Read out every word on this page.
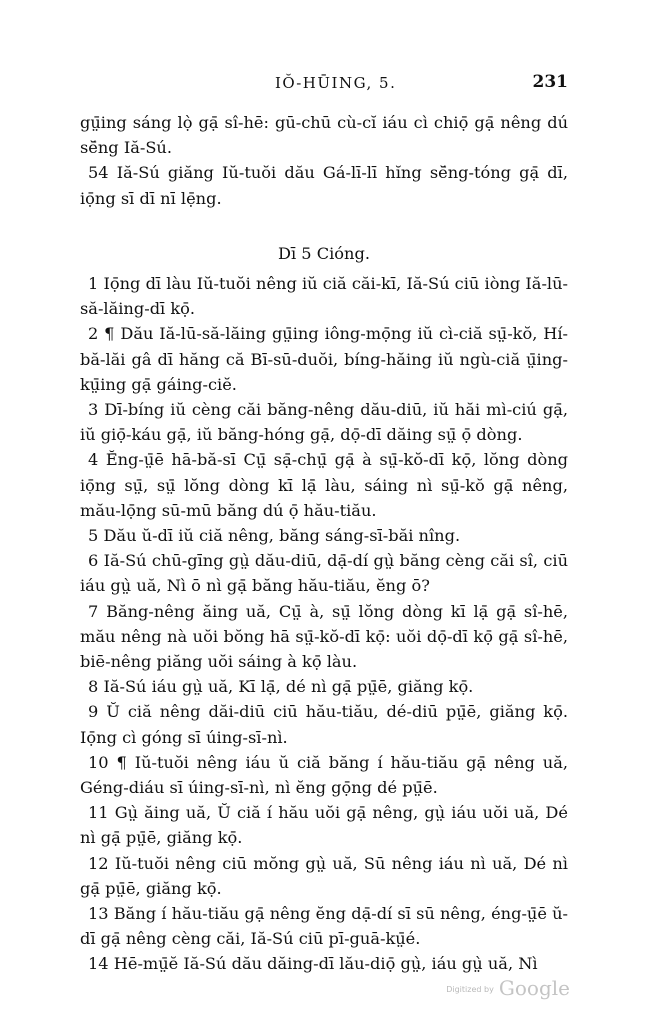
IŎ-HŪING, 5.	231

gṳ̄ing sáng lọ̀ gạ̄ sî-hē: gū-chū cù-cĭ iáu cì chiọ̄ gạ̄ nêng dú sĕ̄ng Iă-Sú.

54 Iă-Sú giăng Iŭ-tuŏi dău Gá-lī-lī hĭng sĕ̄ng-tóng gạ̄ dī, iọ̄ng sī dī nī lẹ̄ng.

Dī 5 Cióng.

1 Iọ̄ng dī làu Iŭ-tuŏi nêng iŭ ciă căi-kī, Iă-Sú ciū iòng Iă-lū-să-lăing-dī kọ̄.

2 ¶ Dău Iă-lū-să-lăing gṳ̄ing iông-mọ̄ng iŭ cì-ciă sṳ̄-kŏ, Hí-bă-lăi gâ dī hăng că Bī-sū-duŏi, bíng-hăing iŭ ngù-ciă ṳ̄ing-kṳ̄ing gạ̄ gáing-ciĕ.

3 Dī-bíng iŭ cèng căi băng-nêng dău-diū, iŭ hăi mì-ciú gạ̄, iŭ giọ̄-káu gạ̄, iŭ băng-hóng gạ̄, dọ̄-dī dăing sṳ̄ ọ̄ dòng.

4 Ĕ̄ng-ṳ̄ē hā-bă-sī Cṳ̄ sạ̄-chṳ̄ gạ̄ à sṳ̄-kŏ-dī kọ̄, lŏng dòng iọ̄ng sṳ̄, sṳ̄ lŏng dòng kī lạ̄ làu, sáing nì sṳ̄-kŏ gạ̄ nêng, mău-lọ̄ng sū-mū băng dú ọ̄ hău-tiău.

5 Dău ŭ-dī iŭ ciă nêng, băng sáng-sī-băi nîng.

6 Iă-Sú chū-gīng gṳ̀ dău-diū, dạ̄-dí gṳ̀ băng cèng căi sî, ciū iáu gṳ̀ uă, Nì ō nì gạ̄ băng hău-tiău, ĕng ō?

7 Băng-nêng ăing uă, Cṳ̄ à, sṳ̄ lŏng dòng kī lạ̄ gạ̄ sî-hē, mău nêng nà uŏi bŏng hā sṳ̄-kŏ-dī kọ̄: uŏi dọ̄-dī kọ̄ gạ̄ sî-hē, biē-nêng piăng uŏi sáing à kọ̄ làu.

8 Iă-Sú iáu gṳ̀ uă, Kī lạ̄, dé nì gạ̄ pṳ̄ē, giăng kọ̄.

9 Ŭ ciă nêng dăi-diū ciū hău-tiău, dé-diū pṳ̄ē, giăng kọ̄. Iọ̄ng cì góng sī úing-sī-nì.

10 ¶ Iŭ-tuŏi nêng iáu ŭ ciă băng í hău-tiău gạ̄ nêng uă, Géng-diáu sī úing-sī-nì, nì ĕng gọ̄ng dé pṳ̄ē.

11 Gṳ̀ ăing uă, Ŭ ciă í hău uŏi gạ̄ nêng, gṳ̀ iáu uŏi uă, Dé nì gạ̄ pṳ̄ē, giăng kọ̄.

12 Iŭ-tuŏi nêng ciū mŏng gṳ̀ uă, Sū nêng iáu nì uă, Dé nì gạ̄ pṳ̄ē, giăng kọ̄.

13 Băng í hău-tiău gạ̄ nêng ĕng dạ̄-dí sī sū nêng, éng-ṳ̄ē ŭ-dī gạ̄ nêng cèng căi, Iă-Sú ciū pī-guā-kṳ̄é.

14 Hē-mṳ̄ĕ Iă-Sú dău dăing-dī lău-diọ̄ gṳ̀, iáu gṳ̀ uă, Nì

Digitized by Google
